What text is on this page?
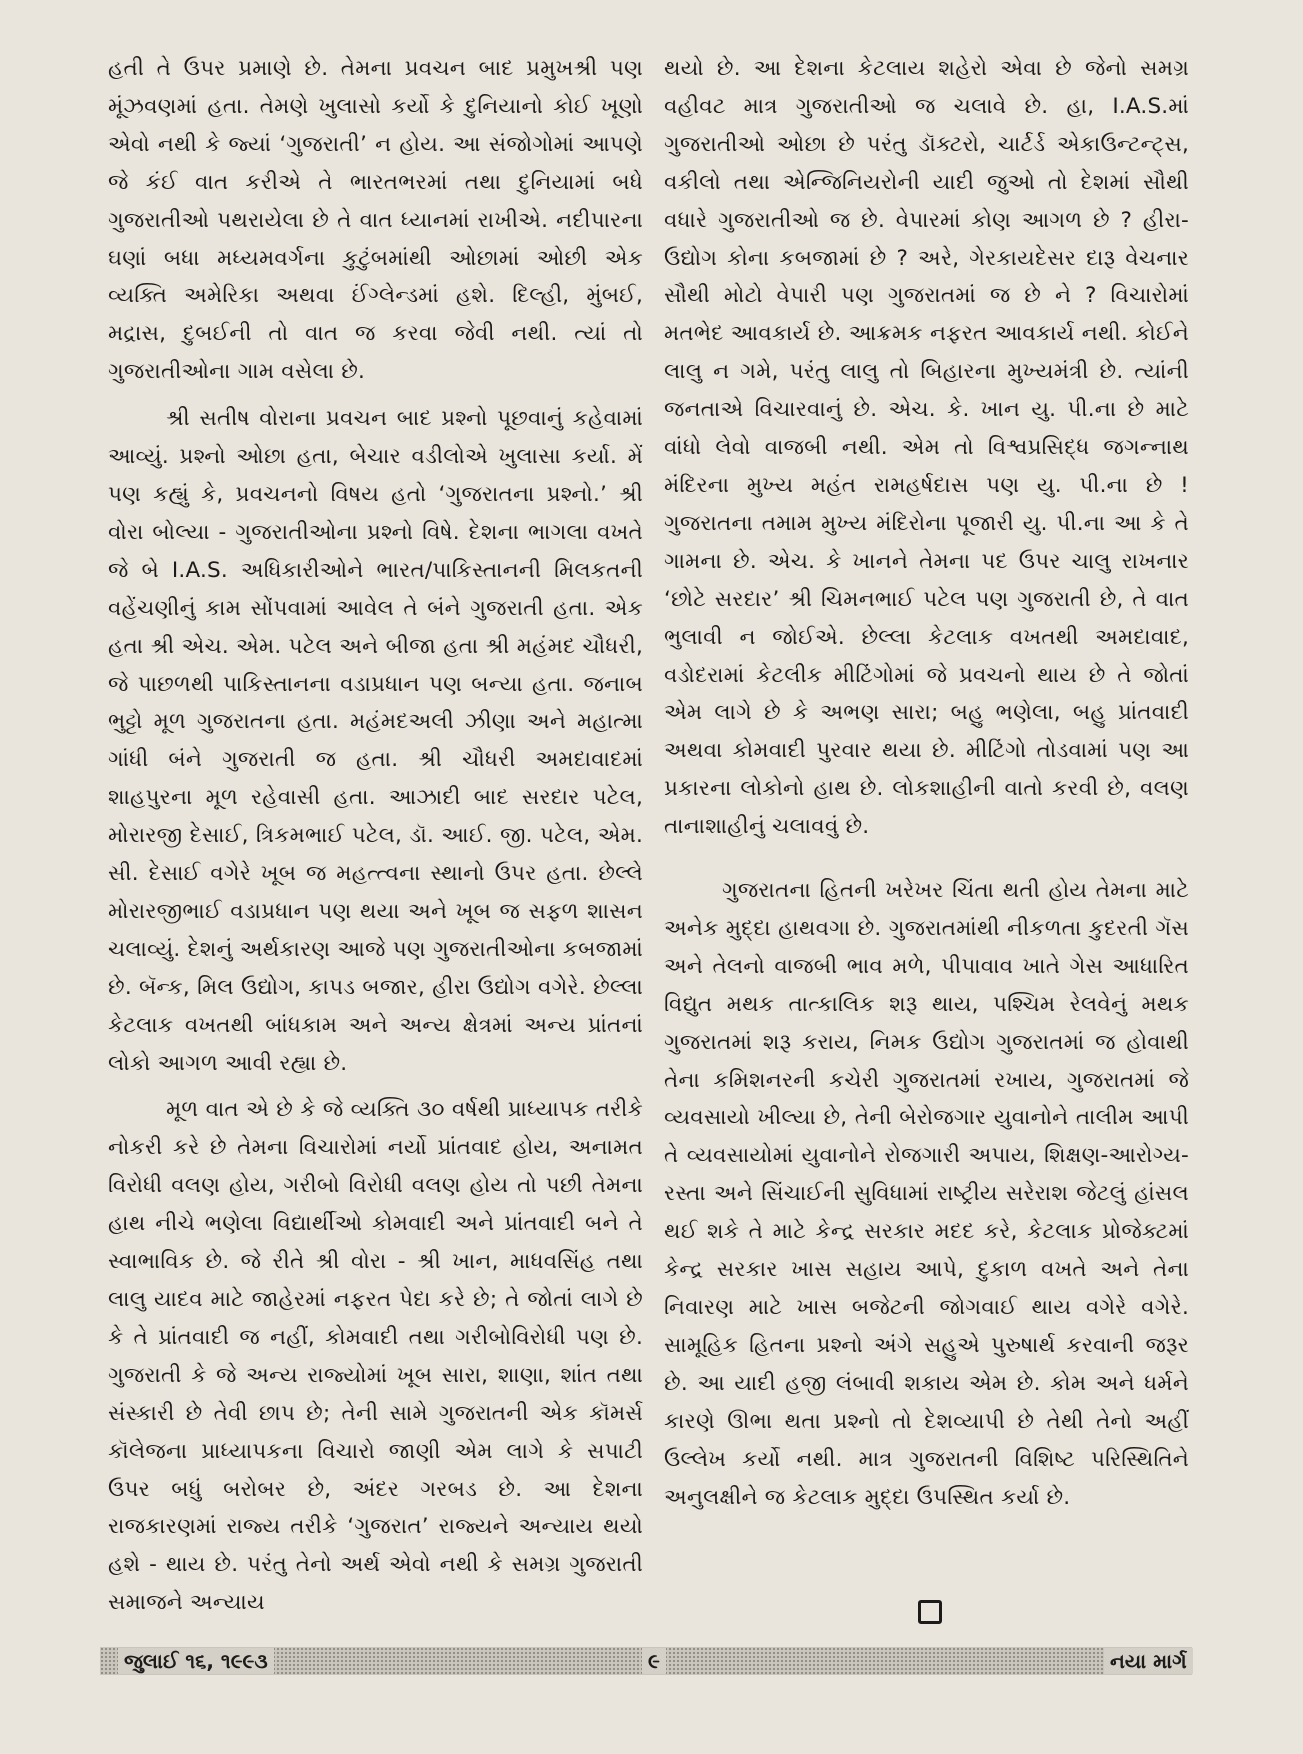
હતી તે ઉપર પ્રમાણે છે. તેમના પ્રવચન બાદ પ્રમુખશ્રી પણ મૂંઝવણમાં હતા. તેમણે ખુલાસો કર્યો કે દુનિયાનો કોઈ ખૂણો એવો નથી કે જ્યાં ‘ગુજરાતી’ ન હોય. આ સંજોગોમાં આપણે જે કંઈ વાત કરીએ તે ભારતભરમાં તથા દુનિયામાં બધે ગુજરાતીઓ પથરાયેલા છે તે વાત ધ્યાનમાં રાખીએ. નદીપારના ઘણાં બધા મધ્યમવર્ગના કુટુંબમાંથી ઓછામાં ઓછી એક વ્યક્તિ અમેરિકા અથવા ઈંગ્લેન્ડમાં હશે. દિલ્હી, મુંબઈ, મદ્રાસ, દુબઈની તો વાત જ કરવા જેવી નથી. ત્યાં તો ગુજરાતીઓના ગામ વસેલા છે.

શ્રી સતીષ વોરાના પ્રવચન બાદ પ્રશ્નો પૂછવાનું કહેવામાં આવ્યું. પ્રશ્નો ઓછા હતા, બેચાર વડીલોએ ખુલાસા કર્યા. મેં પણ કહ્યું કે, પ્રવચનનો વિષય હતો ‘ગુજરાતના પ્રશ્નો.’ શ્રી વોરા બોલ્યા - ગુજરાતીઓના પ્રશ્નો વિષે. દેશના ભાગલા વખતે જે બે I.A.S. અધિકારીઓને ભારત/પાકિસ્તાનની મિલકતની વહેંચણીનું કામ સોંપવામાં આવેલ તે બંને ગુજરાતી હતા. એક હતા શ્રી એચ. એમ. પટેલ અને બીજા હતા શ્રી મહંમદ ચૌધરી, જે પાછળથી પાકિસ્તાનના વડાપ્રધાન પણ બન્યા હતા. જનાબ ભુટ્ટો મૂળ ગુજરાતના હતા. મહંમદઅલી ઝીણા અને મહાત્મા ગાંધી બંને ગુજરાતી જ હતા. શ્રી ચૌધરી અમદાવાદમાં શાહપુરના મૂળ રહેવાસી હતા. આઝાદી બાદ સરદાર પટેલ, મોરારજી દેસાઈ, ત્રિકમભાઈ પટેલ, ડૉ. આઈ. જી. પટેલ, એમ. સી. દેસાઈ વગેરે ખૂબ જ મહત્ત્વના સ્થાનો ઉપર હતા. છેલ્લે મોરારજીભાઈ વડાપ્રધાન પણ થયા અને ખૂબ જ સફળ શાસન ચલાવ્યું. દેશનું અર્થકારણ આજે પણ ગુજરાતીઓના કબજામાં છે. બૅન્ક, મિલ ઉદ્યોગ, કાપડ બજાર, હીરા ઉદ્યોગ વગેરે. છેલ્લા કેટલાક વખતથી બાંધકામ અને અન્ય ક્ષેત્રમાં અન્ય પ્રાંતનાં લોકો આગળ આવી રહ્યા છે.

મૂળ વાત એ છે કે જે વ્યક્તિ ૩૦ વર્ષથી પ્રાધ્યાપક તરીકે નોકરી કરે છે તેમના વિચારોમાં નર્યો પ્રાંતવાદ હોય, અનામત વિરોધી વલણ હોય, ગરીબો વિરોધી વલણ હોય તો પછી તેમના હાથ નીચે ભણેલા વિદ્યાર્થીઓ કોમવાદી અને પ્રાંતવાદી બને તે સ્વાભાવિક છે. જે રીતે શ્રી વોરા - શ્રી ખાન, માધવસિંહ તથા લાલુ યાદવ માટે જાહેરમાં નફરત પેદા કરે છે; તે જોતાં લાગે છે કે તે પ્રાંતવાદી જ નહીં, કોમવાદી તથા ગરીબોવિરોધી પણ છે. ગુજરાતી કે જે અન્ય રાજ્યોમાં ખૂબ સારા, શાણા, શાંત તથા સંસ્કારી છે તેવી છાપ છે; તેની સામે ગુજરાતની એક કૉમર્સ કૉલેજના પ્રાધ્યાપકના વિચારો જાણી એમ લાગે કે સપાટી ઉપર બધું બરોબર છે, અંદર ગરબડ છે. આ દેશના રાજકારણમાં રાજ્ય તરીકે ‘ગુજરાત’ રાજ્યને અન્યાય થયો હશે - થાય છે. પરંતુ તેનો અર્થ એવો નથી કે સમગ્ર ગુજરાતી સમાજને અન્યાય

થયો છે. આ દેશના કેટલાય શહેરો એવા છે જેનો સમગ્ર વહીવટ માત્ર ગુજરાતીઓ જ ચલાવે છે. હા, I.A.S.માં ગુજરાતીઓ ઓછા છે પરંતુ ડૉક્ટરો, ચાર્ટર્ડ એકાઉન્ટન્ટ્સ, વકીલો તથા એન્જિનિયરોની યાદી જુઓ તો દેશમાં સૌથી વધારે ગુજરાતીઓ જ છે. વેપારમાં કોણ આગળ છે ? હીરા-ઉદ્યોગ કોના કબજામાં છે ? અરે, ગેરકાયદેસર દારૂ વેચનાર સૌથી મોટો વેપારી પણ ગુજરાતમાં જ છે ને ? વિચારોમાં મતભેદ આવકાર્ય છે. આક્રમક નફરત આવકાર્ય નથી. કોઈને લાલુ ન ગમે, પરંતુ લાલુ તો બિહારના મુખ્યમંત્રી છે. ત્યાંની જનતાએ વિચારવાનું છે. એચ. કે. ખાન યુ. પી.ના છે માટે વાંધો લેવો વાજબી નથી. એમ તો વિશ્વપ્રસિદ્ધ જગન્નાથ મંદિરના મુખ્ય મહંત રામહર્ષદાસ પણ યુ. પી.ના છે ! ગુજરાતના તમામ મુખ્ય મંદિરોના પૂજારી યુ. પી.ના આ કે તે ગામના છે. એચ. કે ખાનને તેમના પદ ઉપર ચાલુ રાખનાર ‘છોટે સરદાર’ શ્રી ચિમનભાઈ પટેલ પણ ગુજરાતી છે, તે વાત ભુલાવી ન જોઈએ. છેલ્લા કેટલાક વખતથી અમદાવાદ, વડોદરામાં કેટલીક મીટિંગોમાં જે પ્રવચનો થાય છે તે જોતાં એમ લાગે છે કે અભણ સારા; બહુ ભણેલા, બહુ પ્રાંતવાદી અથવા કોમવાદી પુરવાર થયા છે. મીટિંગો તોડવામાં પણ આ પ્રકારના લોકોનો હાથ છે. લોકશાહીની વાતો કરવી છે, વલણ તાનાશાહીનું ચલાવવું છે.

ગુજરાતના હિતની ખરેખર ચિંતા થતી હોય તેમના માટે અનેક મુદ્દા હાથવગા છે. ગુજરાતમાંથી નીકળતા કુદરતી ગૅસ અને તેલનો વાજબી ભાવ મળે, પીપાવાવ ખાતે ગેસ આધારિત વિદ્યુત મથક તાત્કાલિક શરૂ થાય, પશ્ચિમ રેલવેનું મથક ગુજરાતમાં શરૂ કરાય, નિમક ઉદ્યોગ ગુજરાતમાં જ હોવાથી તેના કમિશનરની કચેરી ગુજરાતમાં રખાય, ગુજરાતમાં જે વ્યવસાયો ખીલ્યા છે, તેની બેરોજગાર યુવાનોને તાલીમ આપી તે વ્યવસાયોમાં યુવાનોને રોજગારી અપાય, શિક્ષણ-આરોગ્ય- રસ્તા અને સિંચાઈની સુવિધામાં રાષ્ટ્રીય સરેરાશ જેટલું હાંસલ થઈ શકે તે માટે કેન્દ્ર સરકાર મદદ કરે, કેટલાક પ્રોજેક્ટમાં કેન્દ્ર સરકાર ખાસ સહાય આપે, દુકાળ વખતે અને તેના નિવારણ માટે ખાસ બજેટની જોગવાઈ થાય વગેરે વગેરે. સામૂહિક હિતના પ્રશ્નો અંગે સહુએ પુરુષાર્થ કરવાની જરૂર છે. આ યાદી હજી લંબાવી શકાય એમ છે. કોમ અને ધર્મને કારણે ઊભા થતા પ્રશ્નો તો દેશવ્યાપી છે તેથી તેનો અહીં ઉલ્લેખ કર્યો નથી. માત્ર ગુજરાતની વિશિષ્ટ પરિસ્થિતિને અનુલક્ષીને જ કેટલાક મુદ્દા ઉપસ્થિત કર્યા છે.

જુલાઈ ૧૬, ૧૯૯૩	૯	નયા માર્ગ
